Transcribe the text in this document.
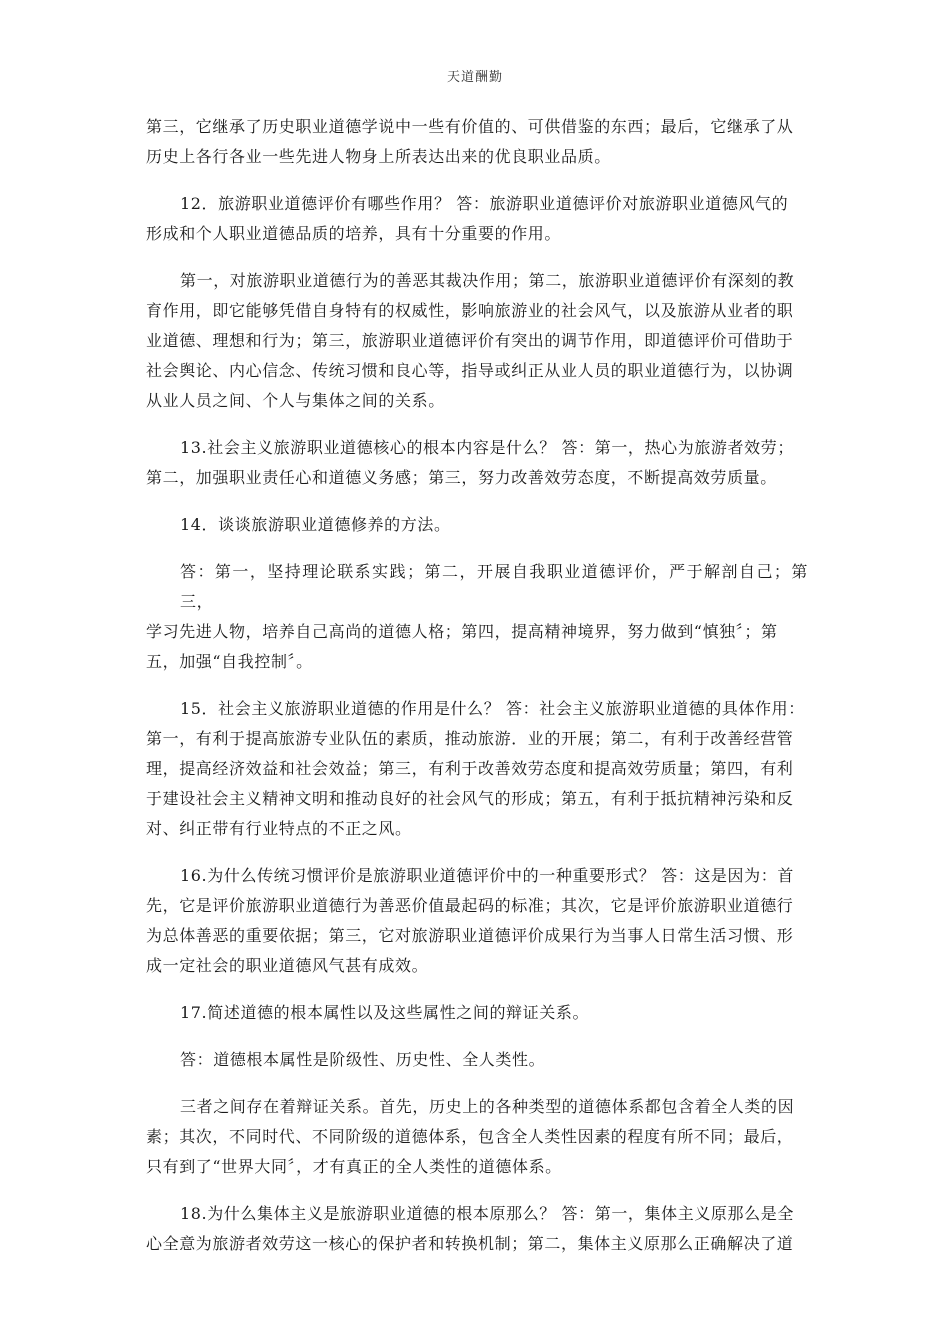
天道酬勤

第三，它继承了历史职业道德学说中一些有价值的、可供借鉴的东西；最后，它继承了从
历史上各行各业一些先进人物身上所表达出来的优良职业品质。

12．旅游职业道德评价有哪些作用？ 答：旅游职业道德评价对旅游职业道德风气的
形成和个人职业道德品质的培养，具有十分重要的作用。

第一，对旅游职业道德行为的善恶其裁决作用；第二，旅游职业道德评价有深刻的教
育作用，即它能够凭借自身特有的权威性，影响旅游业的社会风气，以及旅游从业者的职
业道德、理想和行为；第三，旅游职业道德评价有突出的调节作用，即道德评价可借助于
社会舆论、内心信念、传统习惯和良心等，指导或纠正从业人员的职业道德行为，以协调
从业人员之间、个人与集体之间的关系。

13.社会主义旅游职业道德核心的根本内容是什么？ 答：第一，热心为旅游者效劳；
第二，加强职业责任心和道德义务感；第三，努力改善效劳态度，不断提高效劳质量。

14．谈谈旅游职业道德修养的方法。

答：第一，坚持理论联系实践；第二，开展自我职业道德评价，严于解剖自己；第三，
学习先进人物，培养自己高尚的道德人格；第四，提高精神境界，努力做到“慎独〞；第
五，加强“自我控制〞。

15．社会主义旅游职业道德的作用是什么？ 答：社会主义旅游职业道德的具体作用：
第一，有利于提高旅游专业队伍的素质，推动旅游．业的开展；第二，有利于改善经营管
理，提高经济效益和社会效益；第三，有利于改善效劳态度和提高效劳质量；第四，有利
于建设社会主义精神文明和推动良好的社会风气的形成；第五，有利于抵抗精神污染和反
对、纠正带有行业特点的不正之风。

16.为什么传统习惯评价是旅游职业道德评价中的一种重要形式？ 答：这是因为：首
先，它是评价旅游职业道德行为善恶价值最起码的标准；其次，它是评价旅游职业道德行
为总体善恶的重要依据；第三，它对旅游职业道德评价成果行为当事人日常生活习惯、形
成一定社会的职业道德风气甚有成效。

17.简述道德的根本属性以及这些属性之间的辩证关系。

答：道德根本属性是阶级性、历史性、全人类性。

三者之间存在着辩证关系。首先，历史上的各种类型的道德体系都包含着全人类的因
素；其次，不同时代、不同阶级的道德体系，包含全人类性因素的程度有所不同；最后，
只有到了“世界大同〞，才有真正的全人类性的道德体系。

18.为什么集体主义是旅游职业道德的根本原那么？ 答：第一，集体主义原那么是全
心全意为旅游者效劳这一核心的保护者和转换机制；第二，集体主义原那么正确解决了道
